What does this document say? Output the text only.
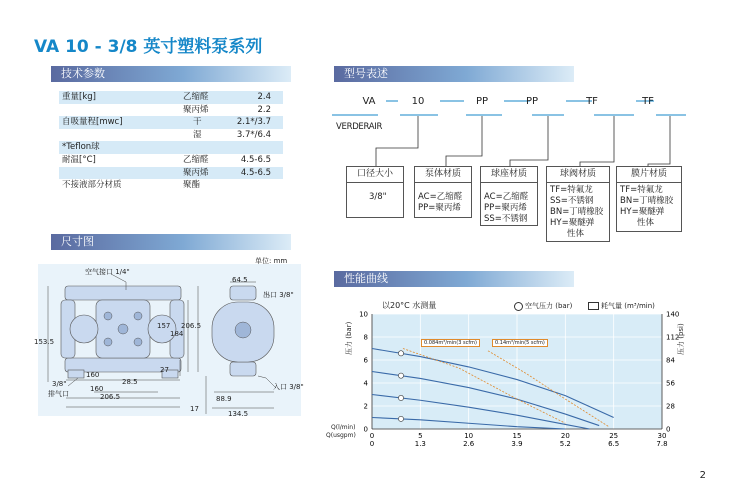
VA 10 - 3/8 英寸塑料泵系列
技术参数	型号表述
尺寸图
性能曲线
重量[kg]	乙缩醛	2.4
聚丙烯	2.2
自吸量程[mwc]	干	2.1*/3.7
湿	3.7*/6.4
*Teflon球
耐温[°C]	乙缩醛	4.5-6.5
聚丙烯	4.5-6.5
不接液部分材质	聚酯
VA	10	PP	PP	TF	TF
VERDERAIR
口径大小
3/8"
泵体材质
AC=乙缩醛
PP=聚丙烯
球座材质
AC=乙缩醛
PP=聚丙烯
SS=不锈钢
球阀材质
TF=特氟龙
SS=不锈钢
BN=丁晴橡胶
HY=聚醚弹
性体
膜片材质
TF=特氟龙
BN=丁晴橡胶
HY=聚醚弹
性体
单位: mm
空气接口 1/4"
出口 3/8"
入口 3/8"
3/8"
排气口
64.5
153.5
157
184
206.5
160
28.5
27
160
206.5	88.9
134.5
17
0	0
2	28
4	56
6	84
8	112
10	140
0
0
5
1.3
10
2.6
15
3.9
20
5.2
25
6.5
30
7.8
以20°C 水测量	空气压力 (bar)	耗气量 (m³/min)
0.084m³/min(3 scfm)	0.14m³/min(5 scfm)
压力 (bar)	压力 (psi)
Q(l/min)
Q(usgpm)
2
